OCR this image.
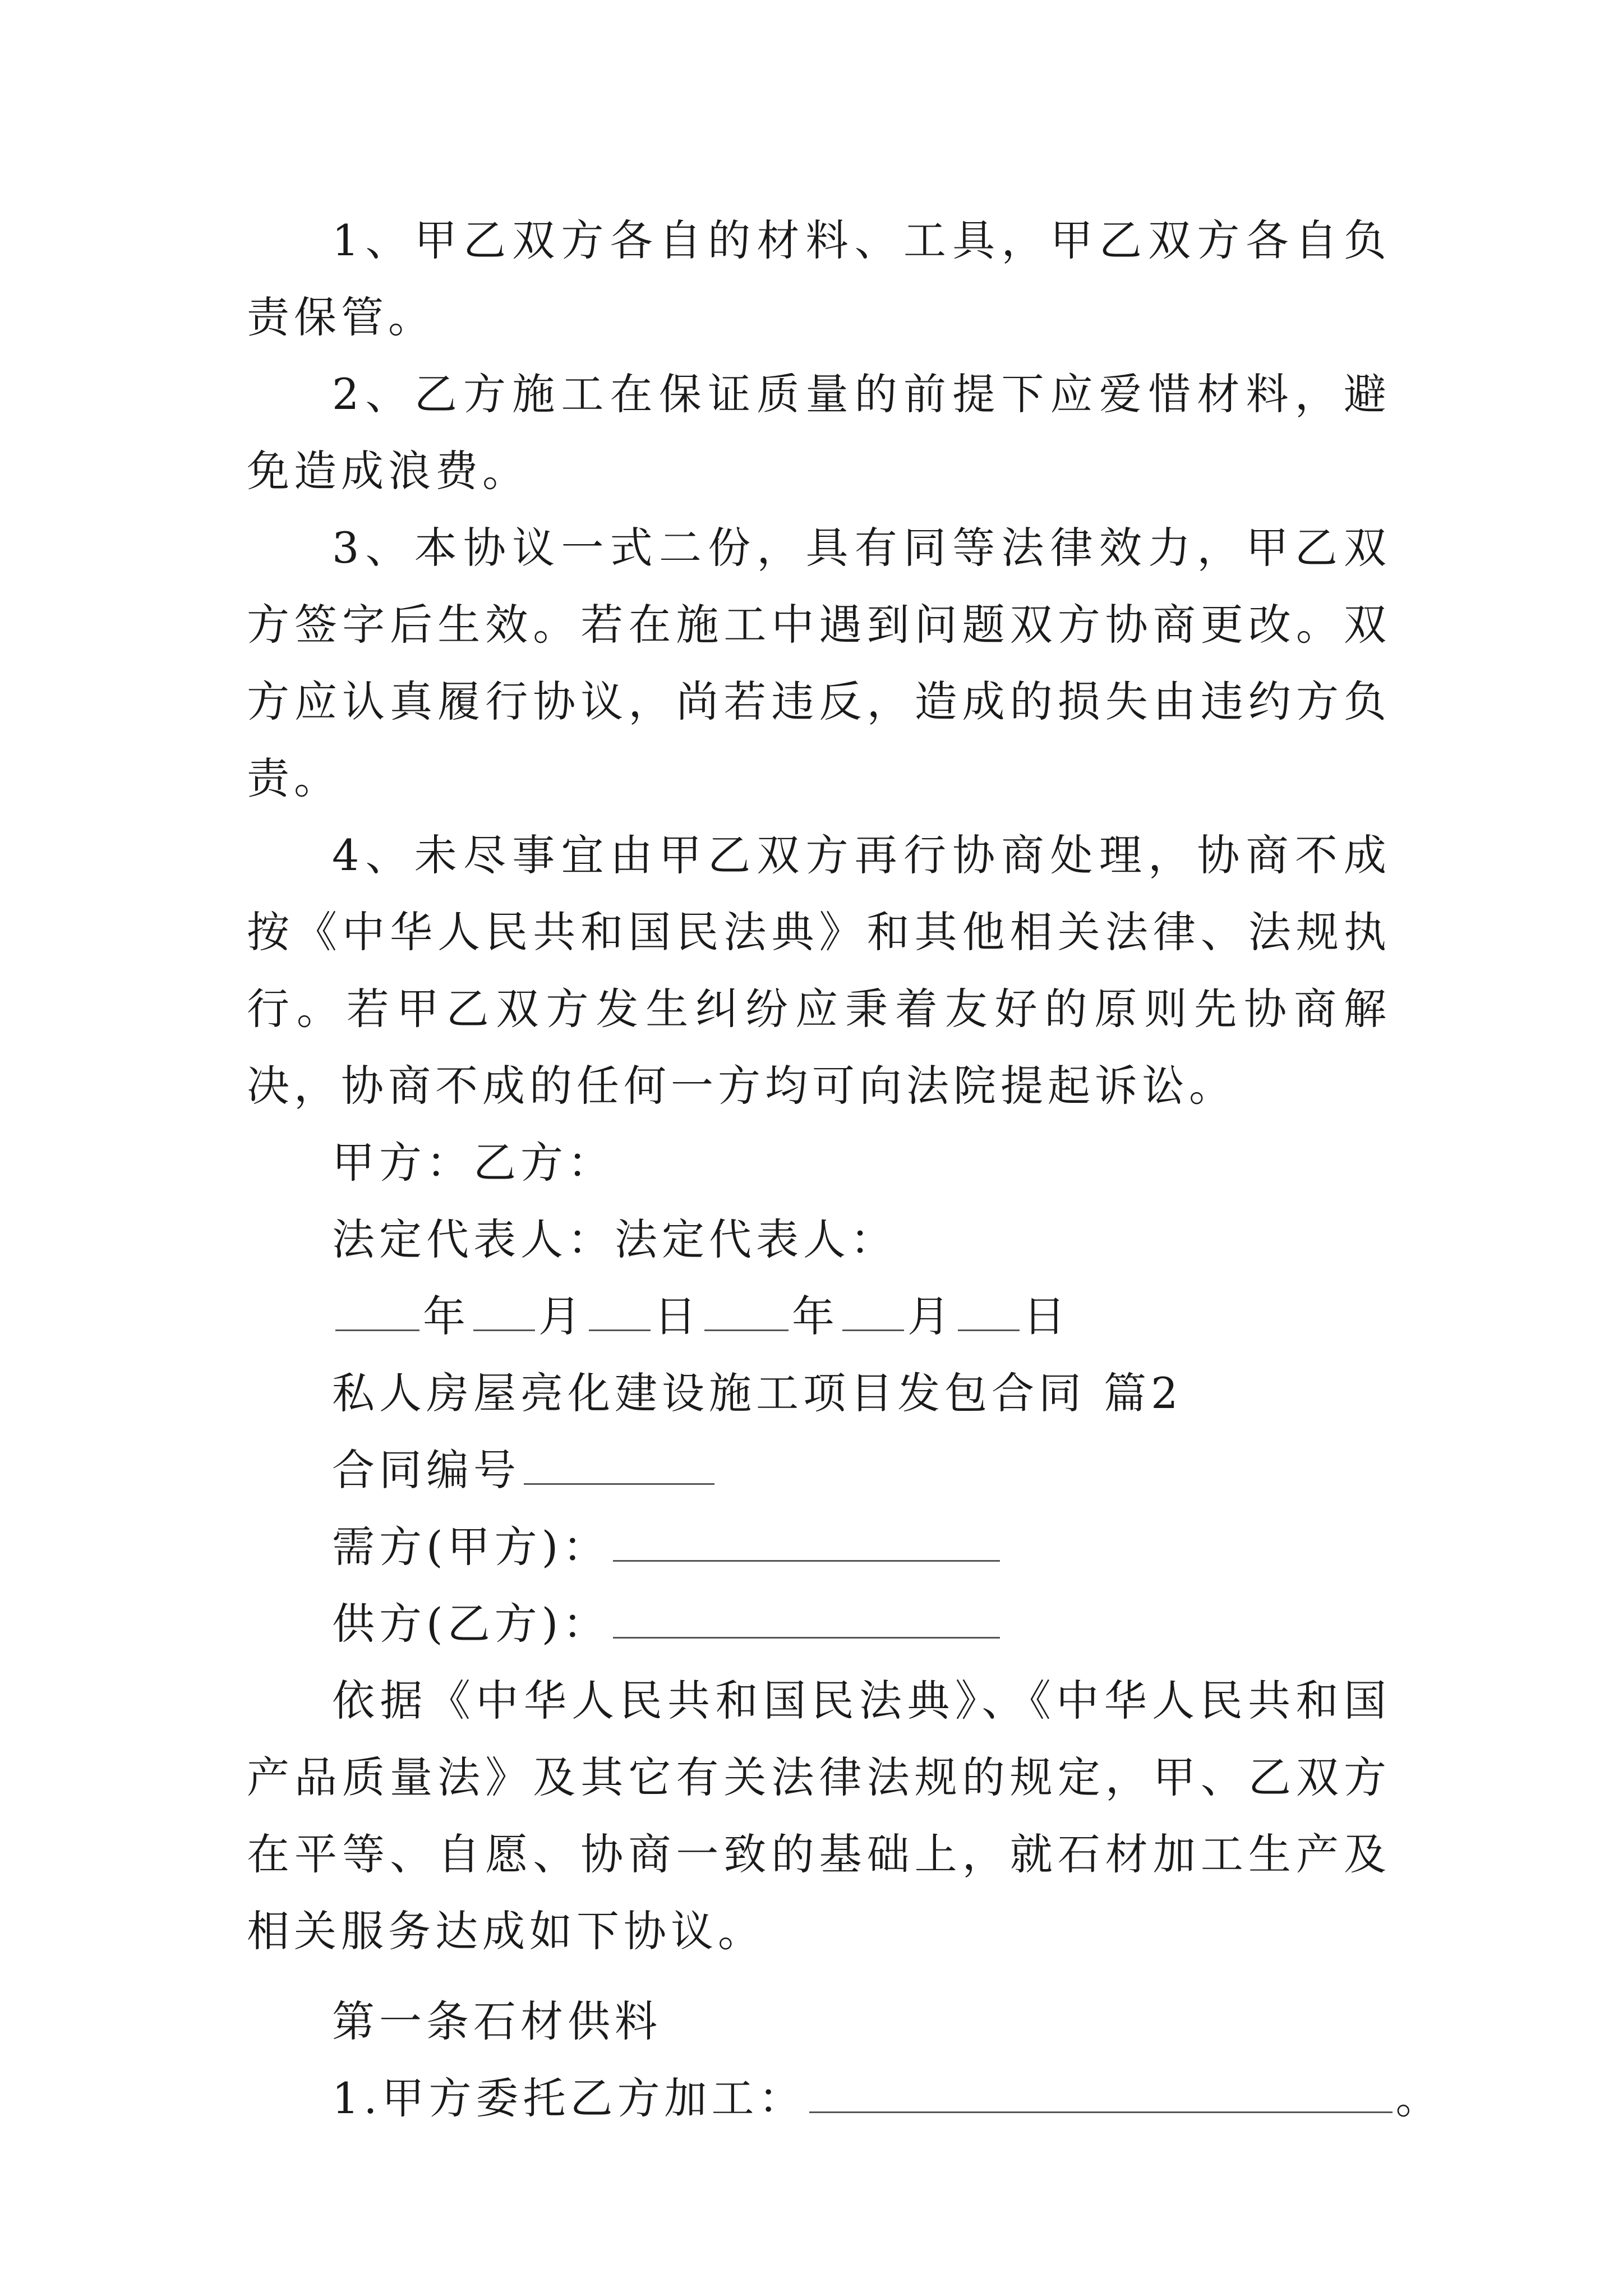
1、甲乙双方各自的材料、工具，甲乙双方各自负责保管。

2、乙方施工在保证质量的前提下应爱惜材料，避免造成浪费。

3、本协议一式二份，具有同等法律效力，甲乙双方签字后生效。若在施工中遇到问题双方协商更改。双方应认真履行协议，尚若违反，造成的损失由违约方负责。

4、未尽事宜由甲乙双方再行协商处理，协商不成按《中华人民共和国民法典》和其他相关法律、法规执行。若甲乙双方发生纠纷应秉着友好的原则先协商解决，协商不成的任何一方均可向法院提起诉讼。

甲方：乙方：

法定代表人：法定代表人：

年 月 日 年 月 日

私人房屋亮化建设施工项目发包合同 篇2

合同编号

需方(甲方)：

供方(乙方)：

依据《中华人民共和国民法典》、《中华人民共和国产品质量法》及其它有关法律法规的规定，甲、乙双方在平等、自愿、协商一致的基础上，就石材加工生产及相关服务达成如下协议。

第一条石材供料

1.甲方委托乙方加工：	。
